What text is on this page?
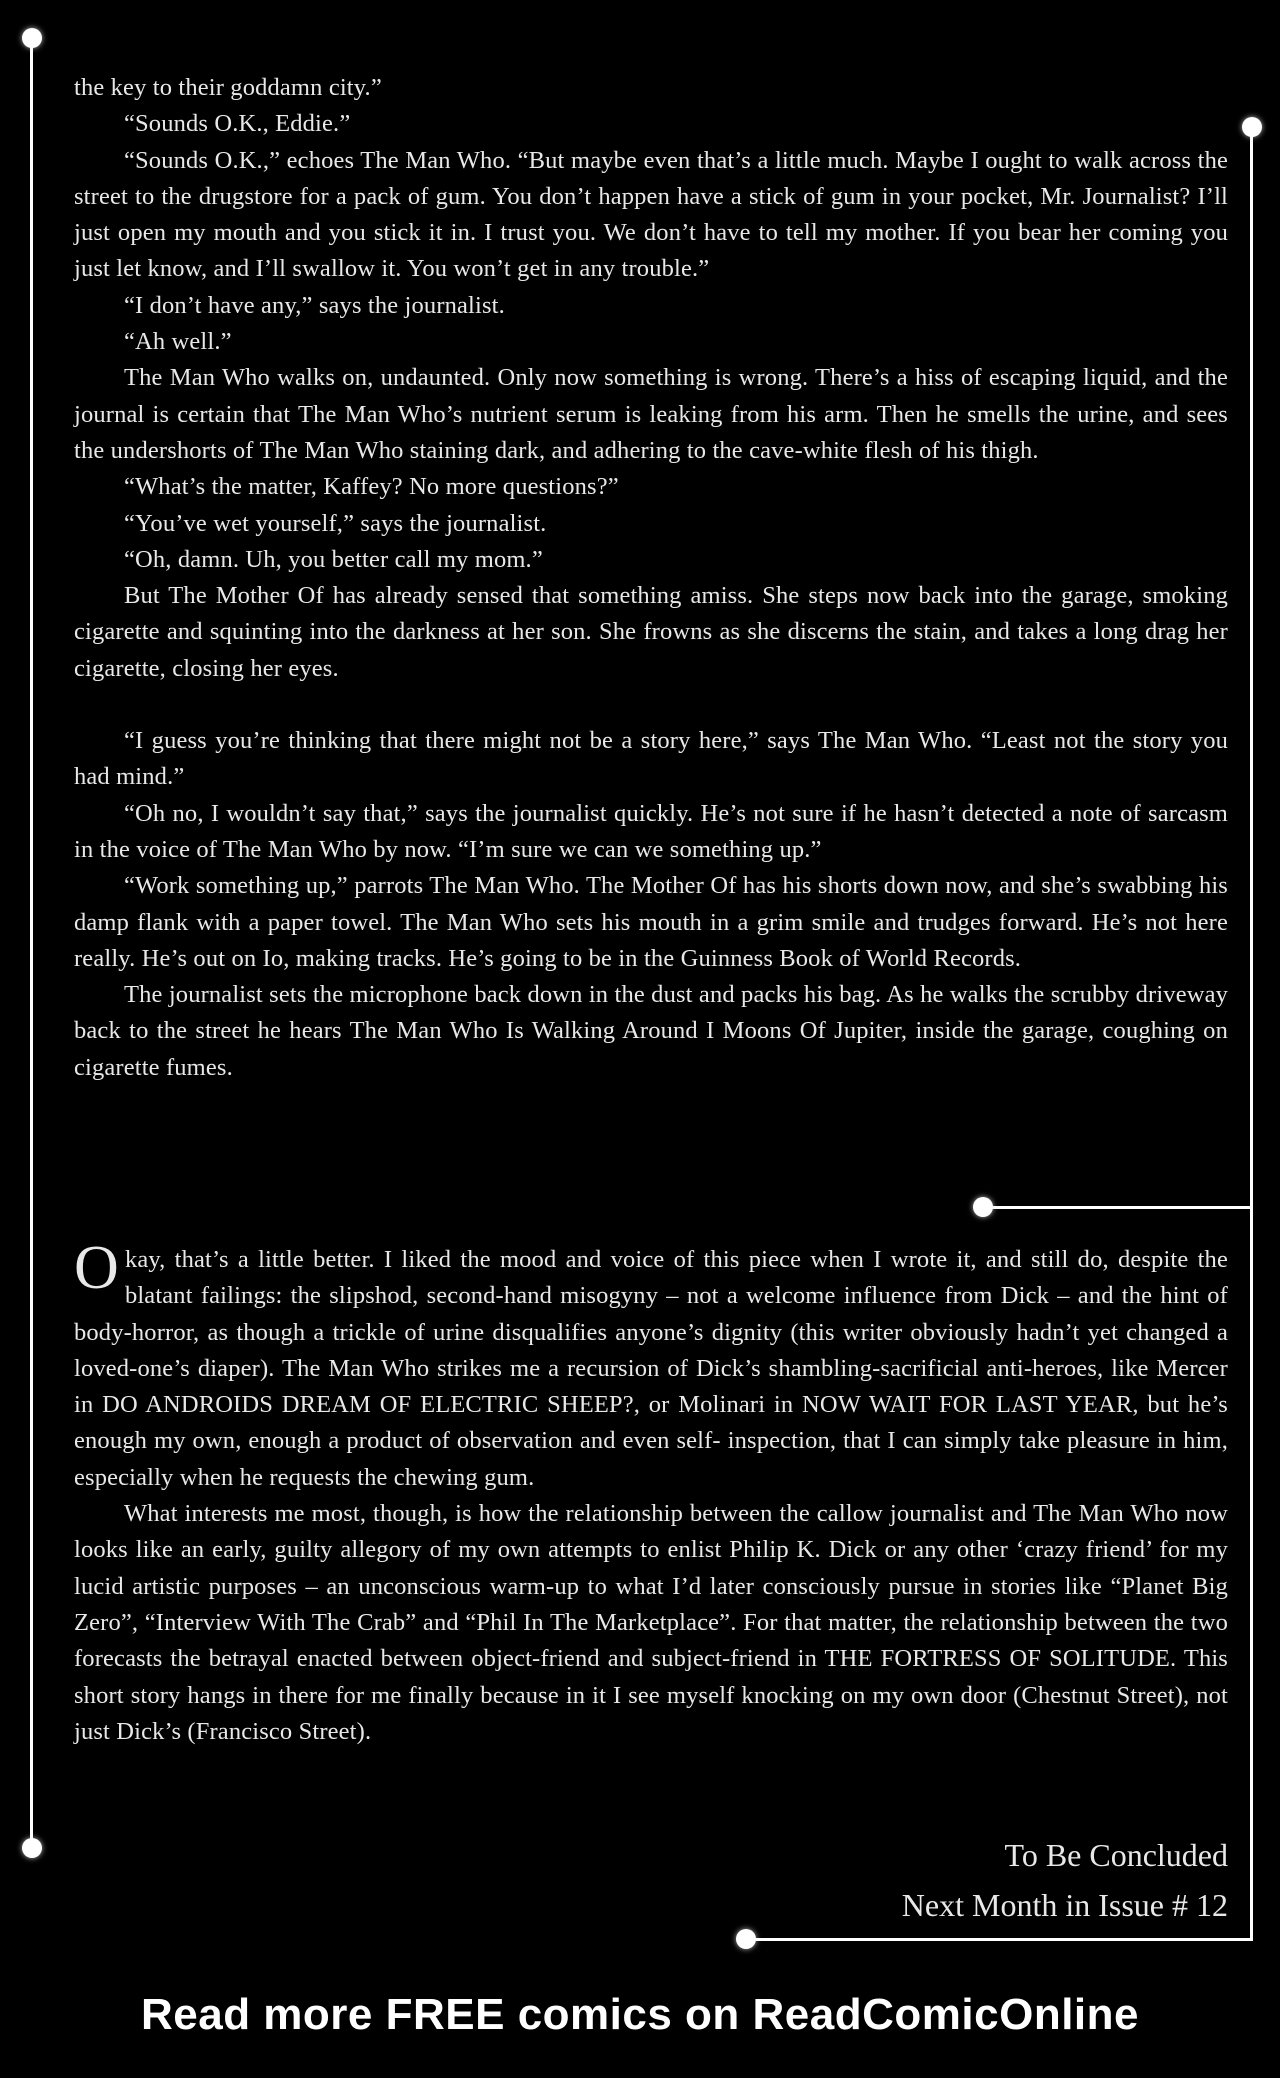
the key to their goddamn city.”

“Sounds O.K., Eddie.”

“Sounds O.K.,” echoes The Man Who. “But maybe even that’s a little much. Maybe I ought to walk across the street to the drugstore for a pack of gum. You don’t happen have a stick of gum in your pocket, Mr. Journalist? I’ll just open my mouth and you stick it in. I trust you. We don’t have to tell my mother. If you bear her coming you just let know, and I’ll swallow it. You won’t get in any trouble.”

“I don’t have any,” says the journalist.

“Ah well.”

The Man Who walks on, undaunted. Only now something is wrong. There’s a hiss of escaping liquid, and the journal is certain that The Man Who’s nutrient serum is leaking from his arm. Then he smells the urine, and sees the undershorts of The Man Who staining dark, and adhering to the cave-white flesh of his thigh.

“What’s the matter, Kaffey? No more questions?”

“You’ve wet yourself,” says the journalist.

“Oh, damn. Uh, you better call my mom.”

But The Mother Of has already sensed that something amiss. She steps now back into the garage, smoking cigarette and squinting into the darkness at her son. She frowns as she discerns the stain, and takes a long drag her cigarette, closing her eyes.

“I guess you’re thinking that there might not be a story here,” says The Man Who. “Least not the story you had mind.”

“Oh no, I wouldn’t say that,” says the journalist quickly. He’s not sure if he hasn’t detected a note of sarcasm in the voice of The Man Who by now. “I’m sure we can we something up.”

“Work something up,” parrots The Man Who. The Mother Of has his shorts down now, and she’s swabbing his damp flank with a paper towel. The Man Who sets his mouth in a grim smile and trudges forward. He’s not here really. He’s out on Io, making tracks. He’s going to be in the Guinness Book of World Records.

The journalist sets the microphone back down in the dust and packs his bag. As he walks the scrubby driveway back to the street he hears The Man Who Is Walking Around I Moons Of Jupiter, inside the garage, coughing on cigarette fumes.

Okay, that’s a little better. I liked the mood and voice of this piece when I wrote it, and still do, despite the blatant failings: the slipshod, second-hand misogyny – not a welcome influence from Dick – and the hint of body-horror, as though a trickle of urine disqualifies anyone’s dignity (this writer obviously hadn’t yet changed a loved-one’s diaper). The Man Who strikes me a recursion of Dick’s shambling-sacrificial anti-heroes, like Mercer in DO ANDROIDS DREAM OF ELECTRIC SHEEP?, or Molinari in NOW WAIT FOR LAST YEAR, but he’s enough my own, enough a product of observation and even self- inspection, that I can simply take pleasure in him, especially when he requests the chewing gum.

What interests me most, though, is how the relationship between the callow journalist and The Man Who now looks like an early, guilty allegory of my own attempts to enlist Philip K. Dick or any other ‘crazy friend’ for my lucid artistic purposes – an unconscious warm-up to what I’d later consciously pursue in stories like “Planet Big Zero”, “Interview With The Crab” and “Phil In The Marketplace”. For that matter, the relationship between the two forecasts the betrayal enacted between object-friend and subject-friend in THE FORTRESS OF SOLITUDE. This short story hangs in there for me finally because in it I see myself knocking on my own door (Chestnut Street), not just Dick’s (Francisco Street).

To Be Concluded
Next Month in Issue # 12
Read more FREE comics on ReadComicOnline
